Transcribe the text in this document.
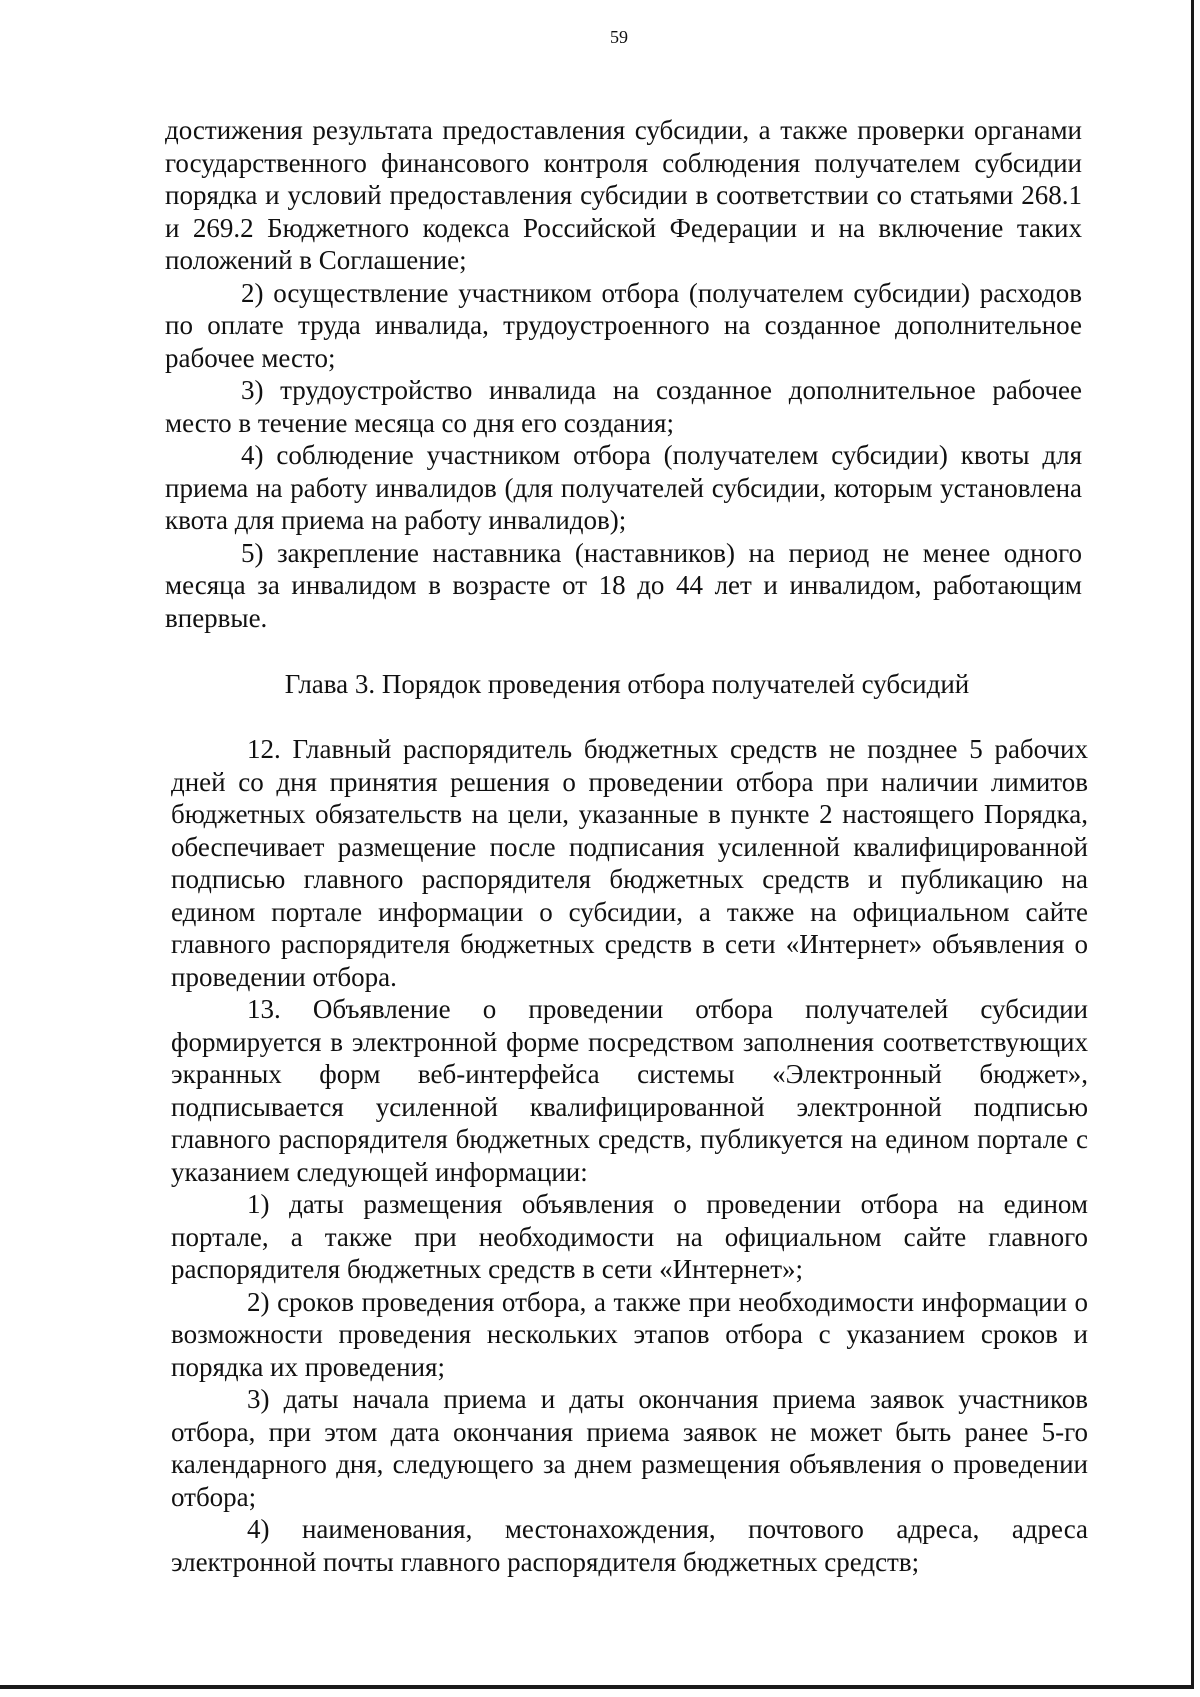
59

достижения результата предоставления субсидии, а также проверки органами государственного финансового контроля соблюдения получателем субсидии порядка и условий предоставления субсидии в соответствии со статьями 268.1 и 269.2 Бюджетного кодекса Российской Федерации и на включение таких положений в Соглашение;

2) осуществление участником отбора (получателем субсидии) расходов по оплате труда инвалида, трудоустроенного на созданное дополнительное рабочее место;

3) трудоустройство инвалида на созданное дополнительное рабочее место в течение месяца со дня его создания;

4) соблюдение участником отбора (получателем субсидии) квоты для приема на работу инвалидов (для получателей субсидии, которым установлена квота для приема на работу инвалидов);

5) закрепление наставника (наставников) на период не менее одного месяца за инвалидом в возрасте от 18 до 44 лет и инвалидом, работающим впервые.

Глава 3. Порядок проведения отбора получателей субсидий

12. Главный распорядитель бюджетных средств не позднее 5 рабочих дней со дня принятия решения о проведении отбора при наличии лимитов бюджетных обязательств на цели, указанные в пункте 2 настоящего Порядка, обеспечивает размещение после подписания усиленной квалифицированной подписью главного распорядителя бюджетных средств и публикацию на едином портале информации о субсидии, а также на официальном сайте главного распорядителя бюджетных средств в сети «Интернет» объявления о проведении отбора.

13. Объявление о проведении отбора получателей субсидии формируется в электронной форме посредством заполнения соответствующих экранных форм веб-интерфейса системы «Электронный бюджет», подписывается усиленной квалифицированной электронной подписью главного распорядителя бюджетных средств, публикуется на едином портале с указанием следующей информации:

1) даты размещения объявления о проведении отбора на едином портале, а также при необходимости на официальном сайте главного распорядителя бюджетных средств в сети «Интернет»;

2) сроков проведения отбора, а также при необходимости информации о возможности проведения нескольких этапов отбора с указанием сроков и порядка их проведения;

3) даты начала приема и даты окончания приема заявок участников отбора, при этом дата окончания приема заявок не может быть ранее 5-го календарного дня, следующего за днем размещения объявления о проведении отбора;

4) наименования, местонахождения, почтового адреса, адреса электронной почты главного распорядителя бюджетных средств;
